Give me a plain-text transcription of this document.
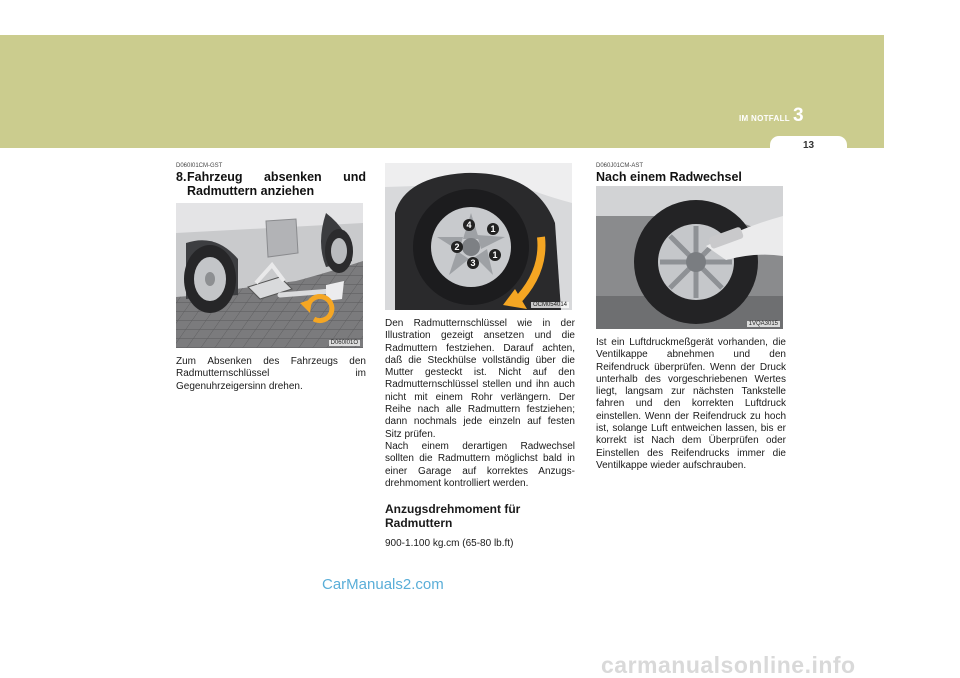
IM NOTFALL 3
13
D060I01CM-GST
8.Fahrzeug absenken und
Radmuttern anziehen
D060I01O
Zum Absenken des Fahrzeugs den
Radmutternschlüssel	im
Gegenuhrzeigersinn drehen.
4 1
2
3
1
OCM054014
Den Radmutternschlüssel wie in der Illustration gezeigt ansetzen und die Radmuttern festziehen. Darauf achten, daß die Steckhülse vollständig über die Mutter gesteckt ist. Nicht auf den Radmutternschlüssel stellen und ihn auch nicht mit einem Rohr verlängern. Der Reihe nach alle Radmuttern festziehen; dann nochmals jede einzeln auf festen Sitz prüfen.
Nach einem derartigen Radwechsel sollten die Radmuttern möglichst bald in einer Garage auf korrektes Anzugs-drehmoment kontrolliert werden.
Anzugsdrehmoment für Radmuttern
900-1.100 kg.cm (65-80 lb.ft)
D060J01CM-AST
Nach einem Radwechsel
1VQA3015
Ist ein Luftdruckmeßgerät vorhanden, die Ventilkappe abnehmen und den Reifendruck überprüfen. Wenn der Druck unterhalb des vorgeschriebenen Wertes liegt, langsam zur nächsten Tankstelle fahren und den korrekten Luftdruck einstellen. Wenn der Reifendruck zu hoch ist, solange Luft entweichen lassen, bis er korrekt ist Nach dem Überprüfen oder Einstellen des Reifendrucks immer die Ventilkappe wieder aufschrauben.
CarManuals2.com
carmanualsonline.info
